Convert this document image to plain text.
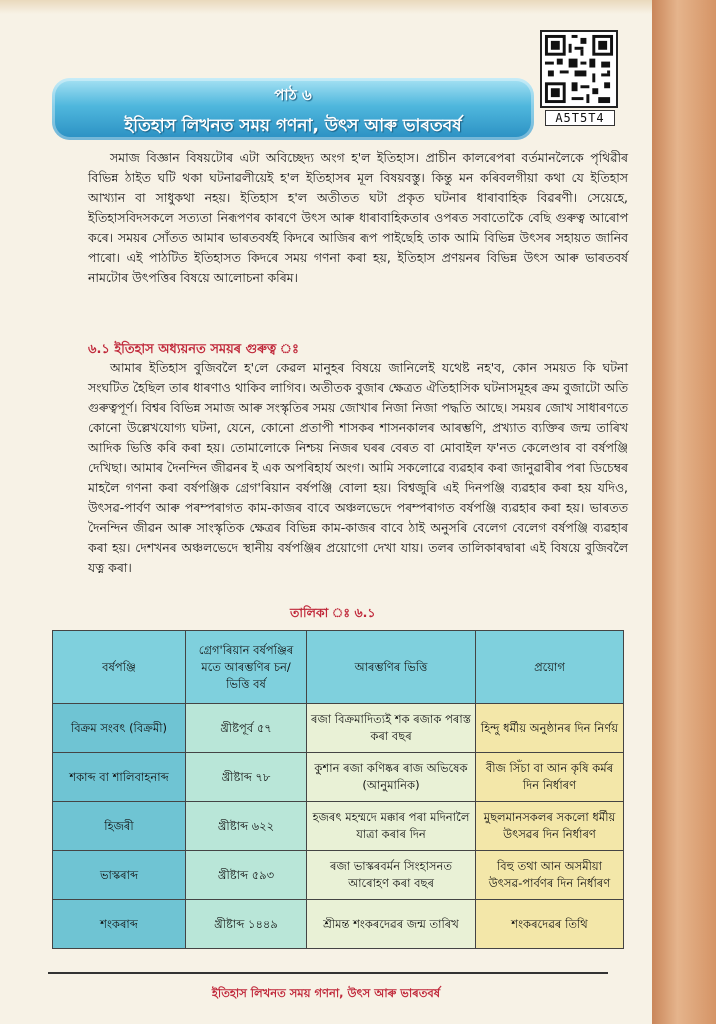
A5T5T4
পাঠ ৬
ইতিহাস লিখনত সময় গণনা, উৎস আৰু ভাৰতবৰ্ষ
সমাজ বিজ্ঞান বিষয়টোৰ এটা অবিচ্ছেদ্য অংগ হ'ল ইতিহাস। প্ৰাচীন কালৰেপৰা বৰ্তমানলৈকে পৃথিৱীৰ বিভিন্ন ঠাইত ঘটি থকা ঘটনাৱলীয়েই হ'ল ইতিহাসৰ মূল বিষয়বস্তু। কিন্তু মন কৰিবলগীয়া কথা যে ইতিহাস আখ্যান বা সাধুকথা নহয়। ইতিহাস হ'ল অতীতত ঘটা প্ৰকৃত ঘটনাৰ ধাৰাবাহিক বিৱৰণী। সেয়েহে, ইতিহাসবিদসকলে সত্যতা নিৰূপণৰ কাৰণে উৎস আৰু ধাৰাবাহিকতাৰ ওপৰত সবাতোকৈ বেছি গুৰুত্ব আৰোপ কৰে। সময়ৰ সোঁতত আমাৰ ভাৰতবৰ্ষই কিদৰে আজিৰ ৰূপ পাইছেহি তাক আমি বিভিন্ন উৎসৰ সহায়ত জানিব পাৰো। এই পাঠটিত ইতিহাসত কিদৰে সময় গণনা কৰা হয়, ইতিহাস প্ৰণয়নৰ বিভিন্ন উৎস আৰু ভাৰতবৰ্ষ নামটোৰ উৎপত্তিৰ বিষয়ে আলোচনা কৰিম।
৬.১ ইতিহাস অধ্যয়নত সময়ৰ গুৰুত্ব ঃ
আমাৰ ইতিহাস বুজিবলৈ হ'লে কেৱল মানুহৰ বিষয়ে জানিলেই যথেষ্ট নহ'ব, কোন সময়ত কি ঘটনা সংঘটিত হৈছিল তাৰ ধাৰণাও থাকিব লাগিব। অতীতক বুজাৰ ক্ষেত্ৰত ঐতিহাসিক ঘটনাসমূহৰ ক্ৰম বুজাটো অতি গুৰুত্বপূৰ্ণ। বিশ্বৰ বিভিন্ন সমাজ আৰু সংস্কৃতিৰ সময় জোখাৰ নিজা নিজা পদ্ধতি আছে। সময়ৰ জোখ সাধাৰণতে কোনো উল্লেখযোগ্য ঘটনা, যেনে, কোনো প্ৰতাপী শাসকৰ শাসনকালৰ আৰম্ভণি, প্ৰখ্যাত ব্যক্তিৰ জন্ম তাৰিখ আদিক ভিত্তি কৰি কৰা হয়। তোমালোকে নিশ্চয় নিজৰ ঘৰৰ বেৰত বা মোবাইল ফ'নত কেলেণ্ডাৰ বা বৰ্ষপঞ্জি দেখিছা। আমাৰ দৈনন্দিন জীৱনৰ ই এক অপৰিহাৰ্য অংগ। আমি সকলোৱে ব্যৱহাৰ কৰা জানুৱাৰীৰ পৰা ডিচেম্বৰ মাহলৈ গণনা কৰা বৰ্ষপঞ্জিক গ্ৰেগ'ৰিয়ান বৰ্ষপঞ্জি বোলা হয়। বিশ্বজুৰি এই দিনপঞ্জি ব্যৱহাৰ কৰা হয় যদিও, উৎসৱ-পাৰ্বণ আৰু পৰম্পৰাগত কাম-কাজৰ বাবে অঞ্চলভেদে পৰম্পৰাগত বৰ্ষপঞ্জি ব্যৱহাৰ কৰা হয়। ভাৰতত দৈনন্দিন জীৱন আৰু সাংস্কৃতিক ক্ষেত্ৰৰ বিভিন্ন কাম-কাজৰ বাবে ঠাই অনুসৰি বেলেগ বেলেগ বৰ্ষপঞ্জি ব্যৱহাৰ কৰা হয়। দেশখনৰ অঞ্চলভেদে স্থানীয় বৰ্ষপঞ্জিৰ প্ৰয়োগো দেখা যায়। তলৰ তালিকাৰদ্বাৰা এই বিষয়ে বুজিবলৈ যত্ন কৰা।
তালিকা ঃ ৬.১
বৰ্ষপঞ্জি	গ্ৰেগ'ৰিয়ান বৰ্ষপঞ্জিৰ মতে আৰম্ভণিৰ চন/ ভিত্তি বৰ্ষ	আৰম্ভণিৰ ভিত্তি	প্ৰয়োগ
বিক্ৰম সংবৎ (বিক্ৰমী)	খ্ৰীষ্টপূৰ্ব ৫৭	ৰজা বিক্ৰমাদিত্যই শক ৰজাক পৰাস্ত কৰা বছৰ	হিন্দু ধৰ্মীয় অনুষ্ঠানৰ দিন নিৰ্ণয়
শকাব্দ বা শালিবাহনাব্দ	খ্ৰীষ্টাব্দ ৭৮	কুশান ৰজা কণিষ্কৰ ৰাজ অভিষেক (আনুমানিক)	বীজ সিঁচা বা আন কৃষি কৰ্মৰ দিন নিৰ্ধাৰণ
হিজৰী	খ্ৰীষ্টাব্দ ৬২২	হজৰৎ মহম্মদে মক্কাৰ পৰা মদিনালৈ যাত্ৰা কৰাৰ দিন	মুছলমানসকলৰ সকলো ধৰ্মীয় উৎসৱৰ দিন নিৰ্ধাৰণ
ভাস্কৰাব্দ	খ্ৰীষ্টাব্দ ৫৯৩	ৰজা ভাস্কৰবৰ্মন সিংহাসনত আৰোহণ কৰা বছৰ	বিহু তথা আন অসমীয়া উৎসৱ-পাৰ্বণৰ দিন নিৰ্ধাৰণ
শংকৰাব্দ	খ্ৰীষ্টাব্দ ১৪৪৯	শ্ৰীমন্ত শংকৰদেৱৰ জন্ম তাৰিখ	শংকৰদেৱৰ তিথি
ইতিহাস লিখনত সময় গণনা, উৎস আৰু ভাৰতবৰ্ষ
